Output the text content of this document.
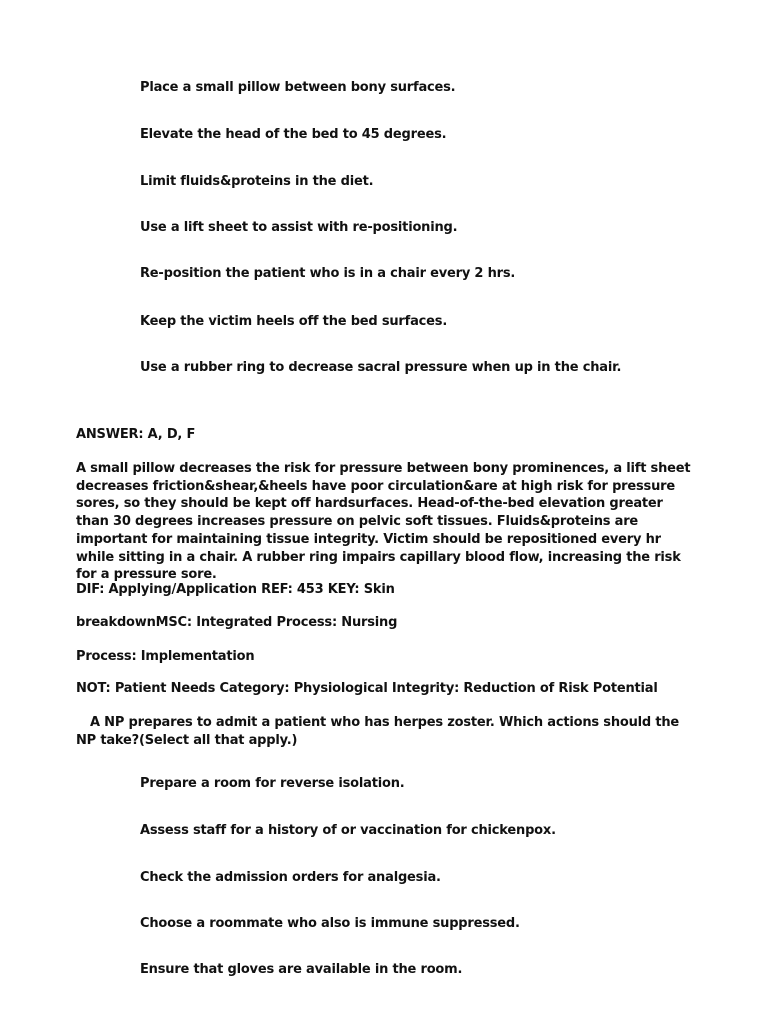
Place a small pillow between bony surfaces.

Elevate the head of the bed to 45 degrees.

Limit fluids&proteins in the diet.

Use a lift sheet to assist with re-positioning.

Re-position the patient who is in a chair every 2 hrs.

Keep the victim heels off the bed surfaces.

Use a rubber ring to decrease sacral pressure when up in the chair.

ANSWER: A, D, F

A small pillow decreases the risk for pressure between bony prominences, a lift sheet decreases friction&shear,&heels have poor circulation&are at high risk for pressure sores, so they should be kept off hardsurfaces. Head-of-the-bed elevation greater than 30 degrees increases pressure on pelvic soft tissues. Fluids&proteins are important for maintaining tissue integrity. Victim should be repositioned every hr while sitting in a chair. A rubber ring impairs capillary blood flow, increasing the risk for a pressure sore.

DIF: Applying/Application REF: 453 KEY: Skin

breakdownMSC: Integrated Process: Nursing

Process: Implementation

NOT: Patient Needs Category: Physiological Integrity: Reduction of Risk Potential

A NP prepares to admit a patient who has herpes zoster. Which actions should the NP take?(Select all that apply.)

Prepare a room for reverse isolation.

Assess staff for a history of or vaccination for chickenpox.

Check the admission orders for analgesia.

Choose a roommate who also is immune suppressed.

Ensure that gloves are available in the room.
